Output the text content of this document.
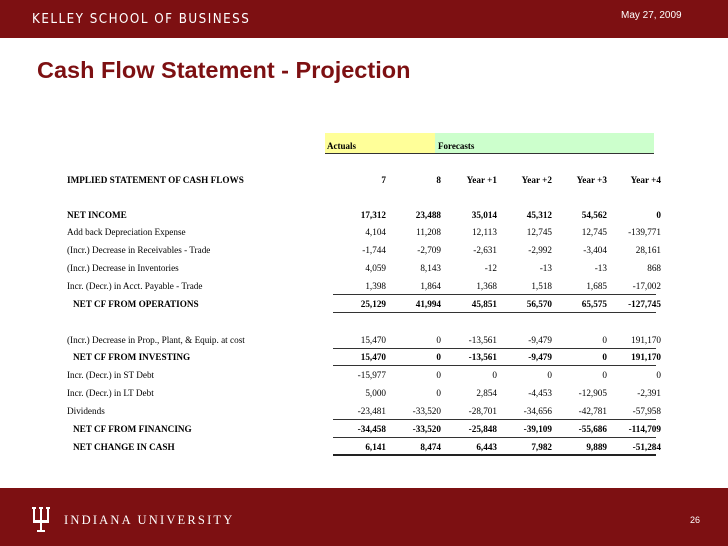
KELLEY SCHOOL OF BUSINESS	May 27, 2009
Cash Flow Statement - Projection
Actuals	Forecasts
IMPLIED STATEMENT OF CASH FLOWS	7	8	Year +1	Year +2	Year +3	Year +4
NET INCOME	17,312	23,488	35,014	45,312	54,562	0
Add back Depreciation Expense	4,104	11,208	12,113	12,745	12,745	-139,771
(Incr.) Decrease in Receivables - Trade	-1,744	-2,709	-2,631	-2,992	-3,404	28,161
(Incr.) Decrease in Inventories	4,059	8,143	-12	-13	-13	868
Incr. (Decr.) in Acct. Payable - Trade	1,398	1,864	1,368	1,518	1,685	-17,002
NET CF FROM OPERATIONS	25,129	41,994	45,851	56,570	65,575	-127,745
(Incr.) Decrease in Prop., Plant, & Equip. at cost	15,470	0	-13,561	-9,479	0	191,170
NET CF FROM INVESTING	15,470	0	-13,561	-9,479	0	191,170
Incr. (Decr.) in ST Debt	-15,977	0	0	0	0	0
Incr. (Decr.) in LT Debt	5,000	0	2,854	-4,453	-12,905	-2,391
Dividends	-23,481	-33,520	-28,701	-34,656	-42,781	-57,958
NET CF FROM FINANCING	-34,458	-33,520	-25,848	-39,109	-55,686	-114,709
NET CHANGE IN CASH	6,141	8,474	6,443	7,982	9,889	-51,284
INDIANA UNIVERSITY	26
